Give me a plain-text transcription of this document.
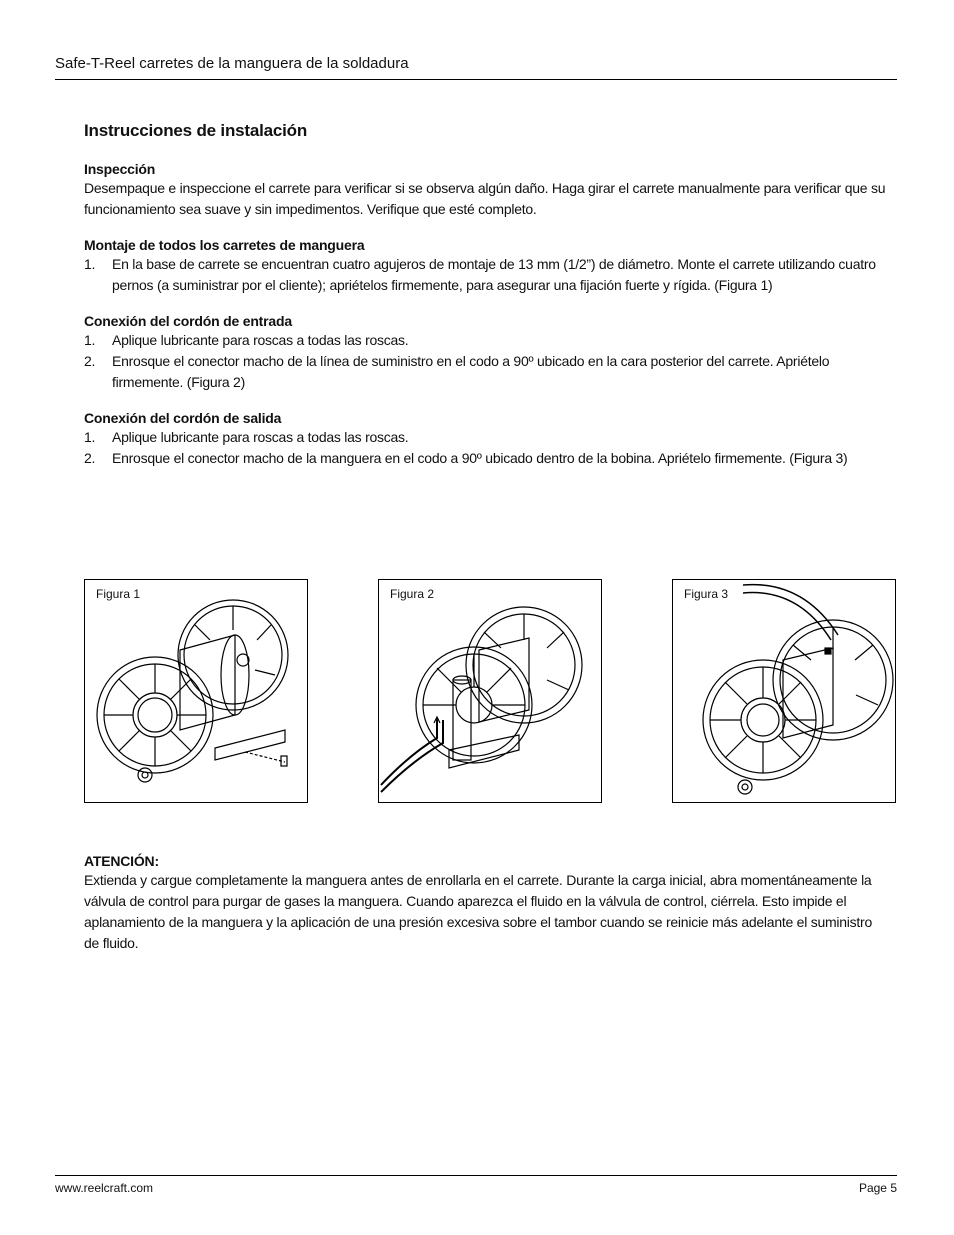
Safe-T-Reel carretes de la manguera de la soldadura
Instrucciones de instalación
Inspección

Desempaque e inspeccione el carrete para verificar si se observa algún daño. Haga girar el carrete manualmente para verificar que su funcionamiento sea suave y sin impedimentos. Verifique que esté completo.

Montaje de todos los carretes de manguera
1. En la base de carrete se encuentran cuatro agujeros de montaje de 13 mm (1/2”) de diámetro. Monte el carrete utilizando cuatro pernos (a suministrar por el cliente); apriételos firmemente, para asegurar una fijación fuerte y rígida. (Figura 1)
Conexión del cordón de entrada
1. Aplique lubricante para roscas a todas las roscas.
2. Enrosque el conector macho de la línea de suministro en el codo a 90º ubicado en la cara posterior del carrete. Apriételo firmemente. (Figura 2)
Conexión del cordón de salida
1. Aplique lubricante para roscas a todas las roscas.
2. Enrosque el conector macho de la manguera en el codo a 90º ubicado dentro de la bobina. Apriételo firmemente. (Figura 3)
Figura 1	Figura 2	Figura 3
ATENCIÓN:

Extienda y cargue completamente la manguera antes de enrollarla en el carrete. Durante la carga inicial, abra momentáneamente la válvula de control para purgar de gases la manguera. Cuando aparezca el fluido en la válvula de control, ciérrela. Esto impide el aplanamiento de la manguera y la aplicación de una presión excesiva sobre el tambor cuando se reinicie más adelante el suministro de fluido.

www.reelcraft.com	Page 5
